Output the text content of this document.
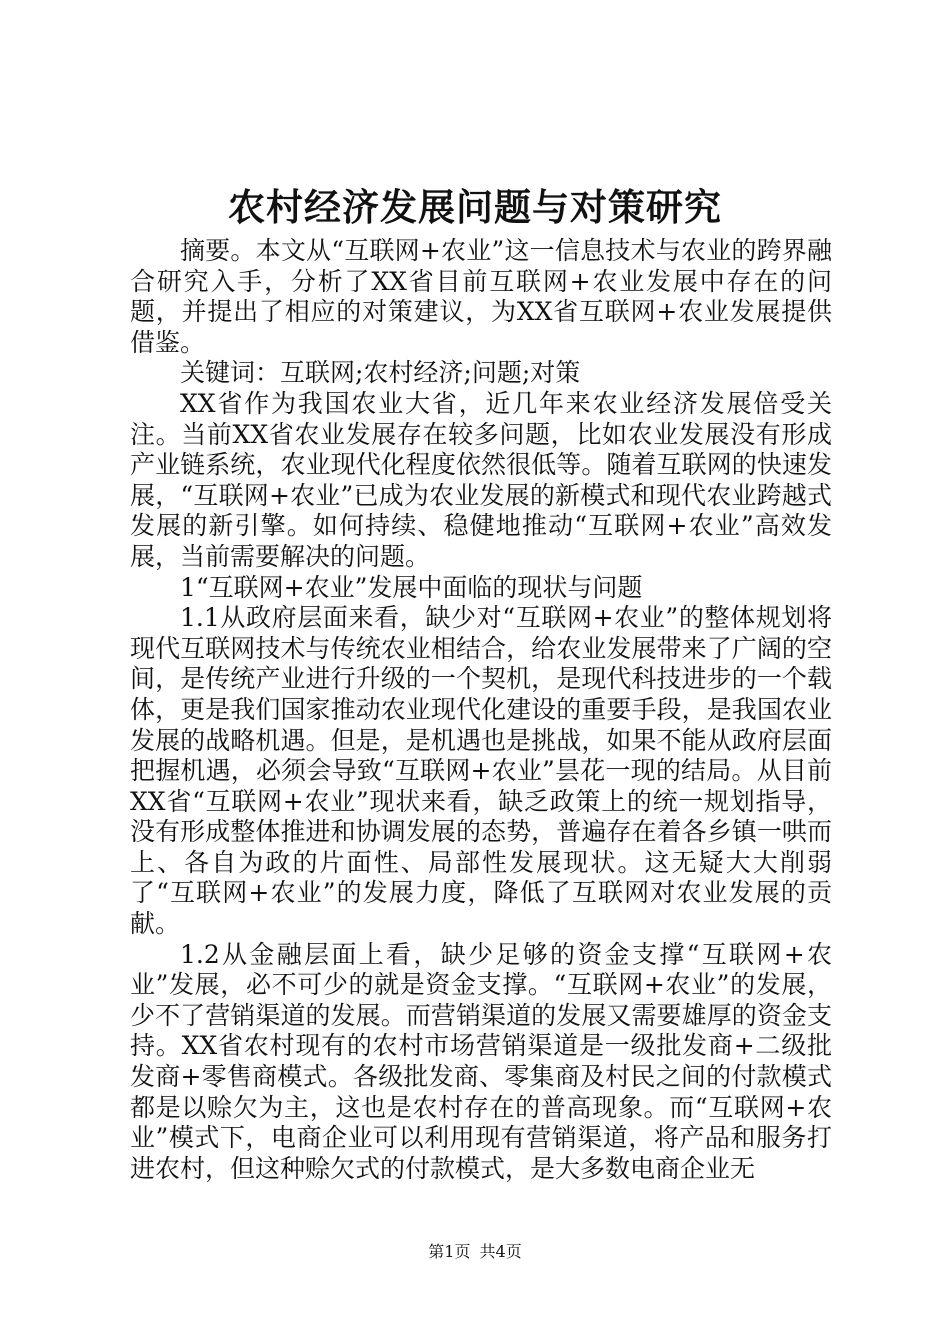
农村经济发展问题与对策研究

摘要。本文从“互联网+农业”这一信息技术与农业的跨界融合研究入手，分析了XX省目前互联网+农业发展中存在的问题，并提出了相应的对策建议，为XX省互联网+农业发展提供借鉴。

关键词：互联网;农村经济;问题;对策

XX省作为我国农业大省，近几年来农业经济发展倍受关注。当前XX省农业发展存在较多问题，比如农业发展没有形成产业链系统，农业现代化程度依然很低等。随着互联网的快速发展，“互联网+农业”已成为农业发展的新模式和现代农业跨越式发展的新引擎。如何持续、稳健地推动“互联网+农业”高效发展，当前需要解决的问题。

1“互联网+农业”发展中面临的现状与问题

1.1从政府层面来看，缺少对“互联网+农业”的整体规划将现代互联网技术与传统农业相结合，给农业发展带来了广阔的空间，是传统产业进行升级的一个契机，是现代科技进步的一个载体，更是我们国家推动农业现代化建设的重要手段，是我国农业发展的战略机遇。但是，是机遇也是挑战，如果不能从政府层面把握机遇，必须会导致“互联网+农业”昙花一现的结局。从目前XX省“互联网+农业”现状来看，缺乏政策上的统一规划指导，没有形成整体推进和协调发展的态势，普遍存在着各乡镇一哄而上、各自为政的片面性、局部性发展现状。这无疑大大削弱了“互联网+农业”的发展力度，降低了互联网对农业发展的贡献。

1.2从金融层面上看，缺少足够的资金支撑“互联网+农业”发展，必不可少的就是资金支撑。“互联网+农业”的发展，少不了营销渠道的发展。而营销渠道的发展又需要雄厚的资金支持。XX省农村现有的农村市场营销渠道是一级批发商+二级批发商+零售商模式。各级批发商、零集商及村民之间的付款模式都是以赊欠为主，这也是农村存在的普高现象。而“互联网+农业”模式下，电商企业可以利用现有营销渠道，将产品和服务打进农村，但这种赊欠式的付款模式，是大多数电商企业无

第1页 共4页
